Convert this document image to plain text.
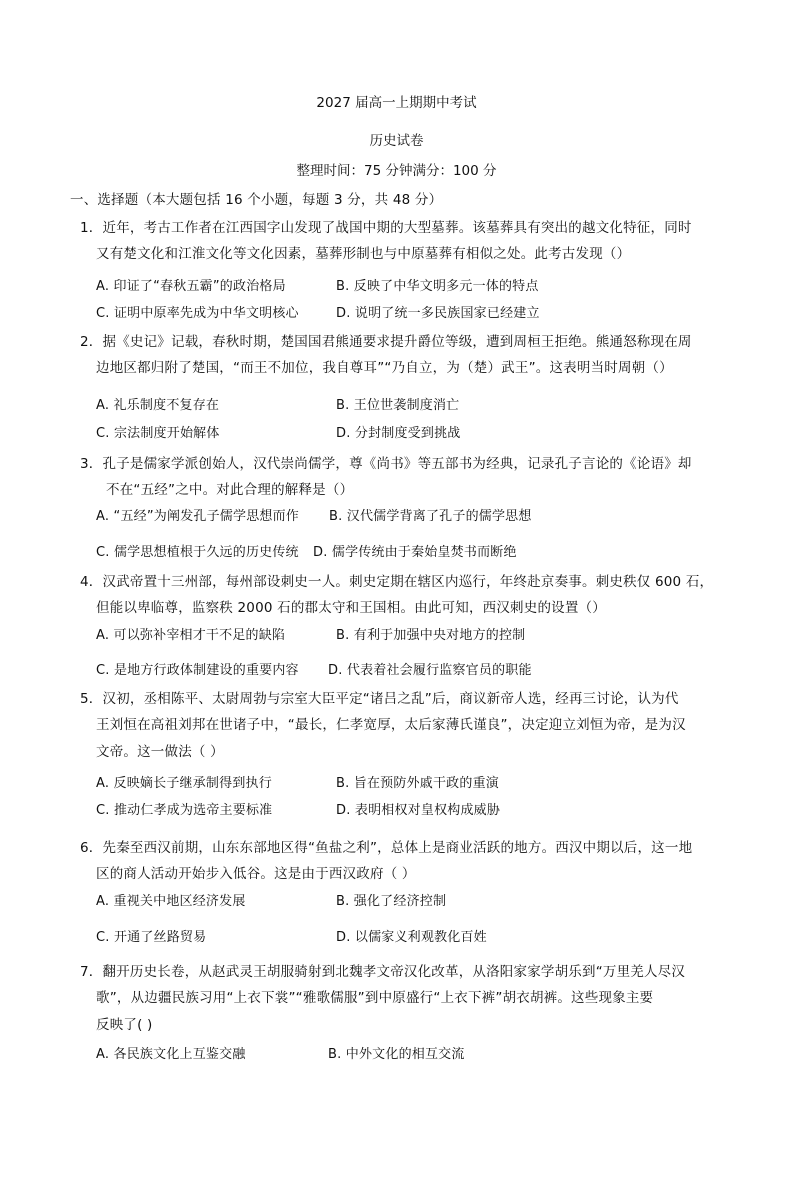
2027 届高一上期期中考试
历史试卷
整理时间：75 分钟满分：100 分
一、选择题（本大题包括 16 个小题，每题 3 分，共 48 分）
1．近年，考古工作者在江西国字山发现了战国中期的大型墓葬。该墓葬具有突出的越文化特征，同时
又有楚文化和江淮文化等文化因素，墓葬形制也与中原墓葬有相似之处。此考古发现（）
A. 印证了“春秋五霸”的政治格局	B. 反映了中华文明多元一体的特点
C. 证明中原率先成为中华文明核心	D. 说明了统一多民族国家已经建立
2．据《史记》记载，春秋时期，楚国国君熊通要求提升爵位等级，遭到周桓王拒绝。熊通怒称现在周
边地区都归附了楚国，“而王不加位，我自尊耳”“乃自立，为（楚）武王”。这表明当时周朝（）
A. 礼乐制度不复存在	B. 王位世袭制度消亡
C. 宗法制度开始解体	D. 分封制度受到挑战
3．孔子是儒家学派创始人，汉代崇尚儒学，尊《尚书》等五部书为经典，记录孔子言论的《论语》却
不在“五经”之中。对此合理的解释是（）
A. “五经”为阐发孔子儒学思想而作 B. 汉代儒学背离了孔子的儒学思想
C. 儒学思想植根于久远的历史传统 D. 儒学传统由于秦始皇焚书而断绝
4．汉武帝置十三州部，每州部设刺史一人。刺史定期在辖区内巡行，年终赴京奏事。刺史秩仅 600 石，
但能以卑临尊，监察秩 2000 石的郡太守和王国相。由此可知，西汉刺史的设置（）
A. 可以弥补宰相才干不足的缺陷	B. 有利于加强中央对地方的控制
C. 是地方行政体制建设的重要内容 D. 代表着社会履行监察官员的职能
5．汉初，丞相陈平、太尉周勃与宗室大臣平定“诸吕之乱”后，商议新帝人选，经再三讨论，认为代
王刘恒在高祖刘邦在世诸子中，“最长，仁孝宽厚，太后家薄氏谨良”，决定迎立刘恒为帝，是为汉
文帝。这一做法（ ）
A. 反映嫡长子继承制得到执行	B. 旨在预防外戚干政的重演
C. 推动仁孝成为选帝主要标准	D. 表明相权对皇权构成威胁
6．先秦至西汉前期，山东东部地区得“鱼盐之利”，总体上是商业活跃的地方。西汉中期以后，这一地
区的商人活动开始步入低谷。这是由于西汉政府（ ）
A. 重视关中地区经济发展	B. 强化了经济控制
C. 开通了丝路贸易	D. 以儒家义利观教化百姓
7．翻开历史长卷，从赵武灵王胡服骑射到北魏孝文帝汉化改革，从洛阳家家学胡乐到“万里羌人尽汉
歌”，从边疆民族习用“上衣下裳”“雅歌儒服”到中原盛行“上衣下裤”胡衣胡裤。这些现象主要
反映了( )
A. 各民族文化上互鉴交融	B. 中外文化的相互交流
